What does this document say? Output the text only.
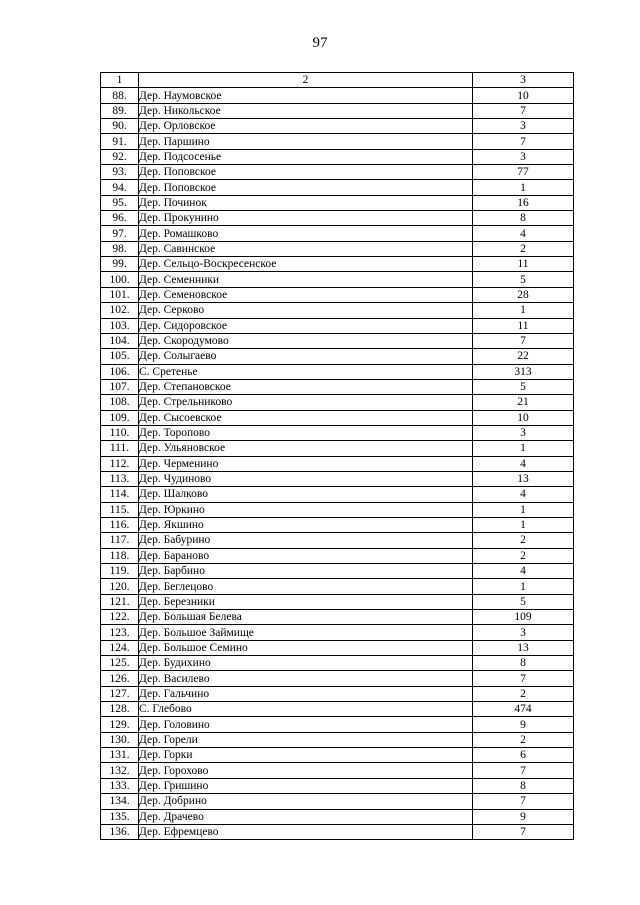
97
1	2	3
88.	Дер. Наумовское	10
89.	Дер. Никольское	7
90.	Дер. Орловское	3
91.	Дер. Паршино	7
92.	Дер. Подсосенье	3
93.	Дер. Поповское	77
94.	Дер. Поповское	1
95.	Дер. Починок	16
96.	Дер. Прокунино	8
97.	Дер. Ромашково	4
98.	Дер. Савинское	2
99.	Дер. Сельцо-Воскресенское	11
100.	Дер. Семенники	5
101.	Дер. Семеновское	28
102.	Дер. Серково	1
103.	Дер. Сидоровское	11
104.	Дер. Скородумово	7
105.	Дер. Солыгаево	22
106.	С. Сретенье	313
107.	Дер. Степановское	5
108.	Дер. Стрельниково	21
109.	Дер. Сысоевское	10
110.	Дер. Торопово	3
111.	Дер. Ульяновское	1
112.	Дер. Черменино	4
113.	Дер. Чудиново	13
114.	Дер. Шалково	4
115.	Дер. Юркино	1
116.	Дер. Якшино	1
117.	Дер. Бабурино	2
118.	Дер. Бараново	2
119.	Дер. Барбино	4
120.	Дер. Беглецово	1
121.	Дер. Березники	5
122.	Дер. Большая Белева	109
123.	Дер. Большое Займище	3
124.	Дер. Большое Семино	13
125.	Дер. Будихино	8
126.	Дер. Василево	7
127.	Дер. Гальчино	2
128.	С. Глебово	474
129.	Дер. Головино	9
130.	Дер. Горели	2
131.	Дер. Горки	6
132.	Дер. Горохово	7
133.	Дер. Гришино	8
134.	Дер. Добрино	7
135.	Дер. Драчево	9
136.	Дер. Ефремцево	7
